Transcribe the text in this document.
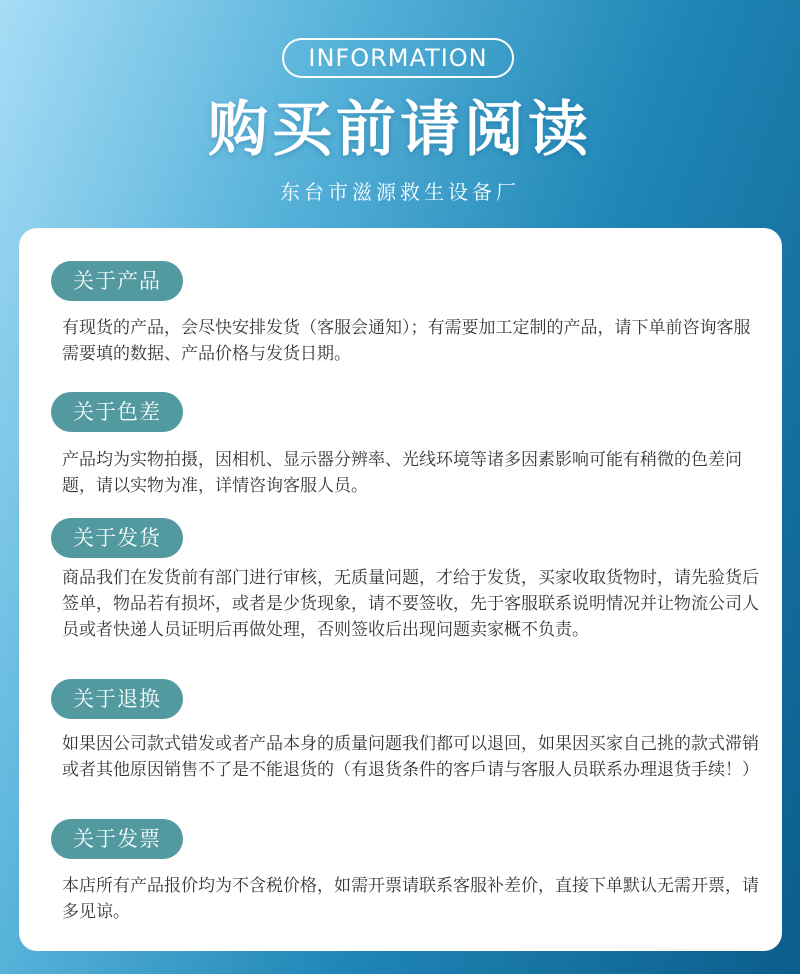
INFORMATION
购买前请阅读
东台市滋源救生设备厂
关于产品

有现货的产品，会尽快安排发货（客服会通知）；有需要加工定制的产品，请下单前咨询客服需要填的数据、产品价格与发货日期。

关于色差

产品均为实物拍摄，因相机、显示器分辨率、光线环境等诸多因素影响可能有稍微的色差问题，请以实物为准，详情咨询客服人员。

关于发货

商品我们在发货前有部门进行审核，无质量问题，才给于发货，买家收取货物时，请先验货后签单，物品若有损坏，或者是少货现象，请不要签收，先于客服联系说明情况并让物流公司人员或者快递人员证明后再做处理，否则签收后出现问题卖家概不负责。

关于退换

如果因公司款式错发或者产品本身的质量问题我们都可以退回，如果因买家自己挑的款式滞销或者其他原因销售不了是不能退货的（有退货条件的客戶请与客服人员联系办理退货手续！）

关于发票

本店所有产品报价均为不含税价格，如需开票请联系客服补差价，直接下单默认无需开票，请多见谅。
